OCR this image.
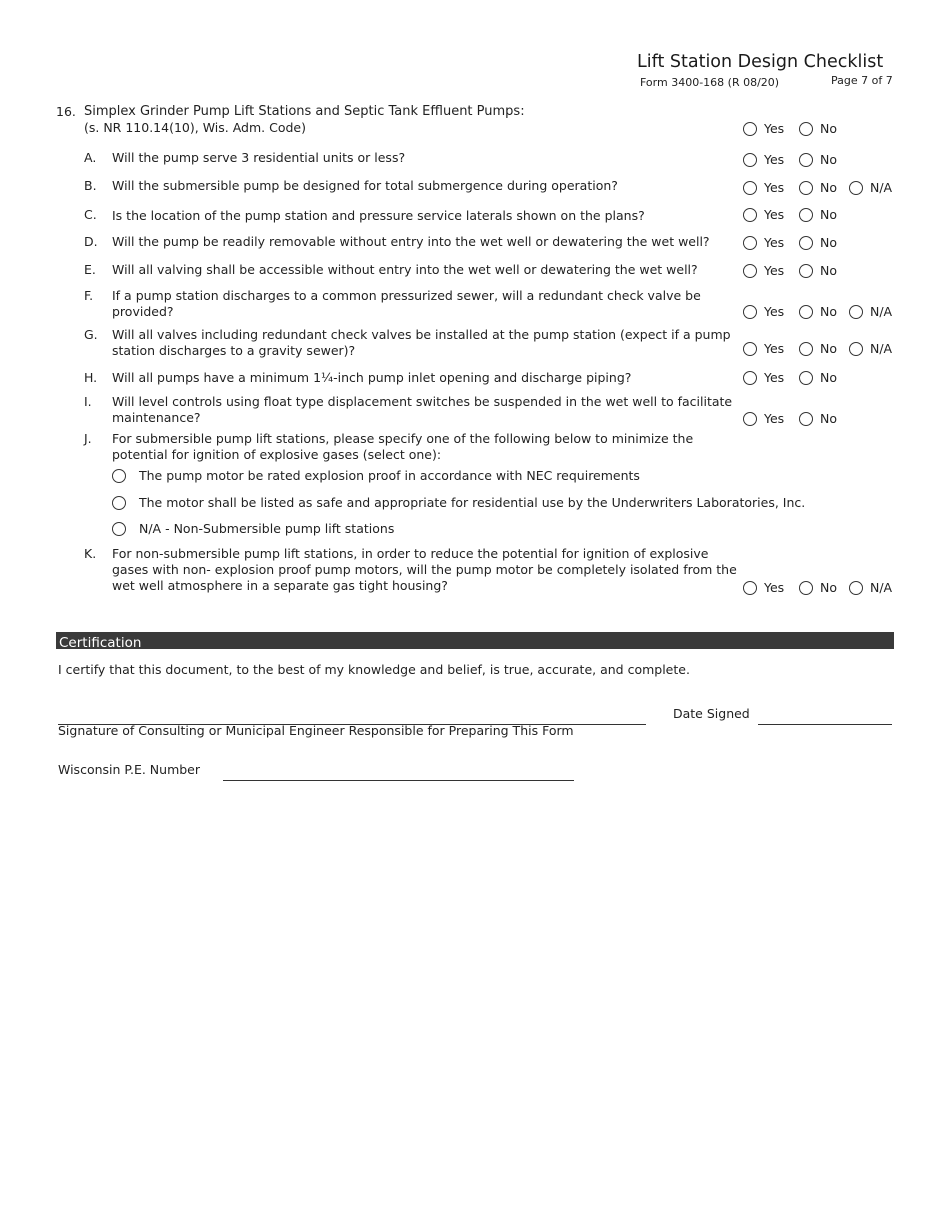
Lift Station Design Checklist
Form 3400-168 (R 08/20)	Page 7 of 7
16. Simplex Grinder Pump Lift Stations and Septic Tank Effluent Pumps:
(s. NR 110.14(10), Wis. Adm. Code)	Yes	No
A. Will the pump serve 3 residential units or less?	Yes	No
B. Will the submersible pump be designed for total submergence during operation?	Yes	No	N/A
C. Is the location of the pump station and pressure service laterals shown on the plans?	Yes	No
D. Will the pump be readily removable without entry into the wet well or dewatering the wet well?	Yes	No
E. Will all valving shall be accessible without entry into the wet well or dewatering the wet well?	Yes	No
F. If a pump station discharges to a common pressurized sewer, will a redundant check valve be
provided?	Yes	No	N/A
G. Will all valves including redundant check valves be installed at the pump station (expect if a pump
station discharges to a gravity sewer)?	Yes	No	N/A
H. Will all pumps have a minimum 1¼-inch pump inlet opening and discharge piping?	Yes	No
I. Will level controls using float type displacement switches be suspended in the wet well to facilitate
maintenance?	Yes	No
J. For submersible pump lift stations, please specify one of the following below to minimize the
potential for ignition of explosive gases (select one):
The pump motor be rated explosion proof in accordance with NEC requirements
The motor shall be listed as safe and appropriate for residential use by the Underwriters Laboratories, Inc.
N/A - Non-Submersible pump lift stations
K. For non-submersible pump lift stations, in order to reduce the potential for ignition of explosive
gases with non- explosion proof pump motors, will the pump motor be completely isolated from the
wet well atmosphere in a separate gas tight housing?	Yes	No	N/A
Certification
I certify that this document, to the best of my knowledge and belief, is true, accurate, and complete.
Date Signed
Signature of Consulting or Municipal Engineer Responsible for Preparing This Form
Wisconsin P.E. Number
